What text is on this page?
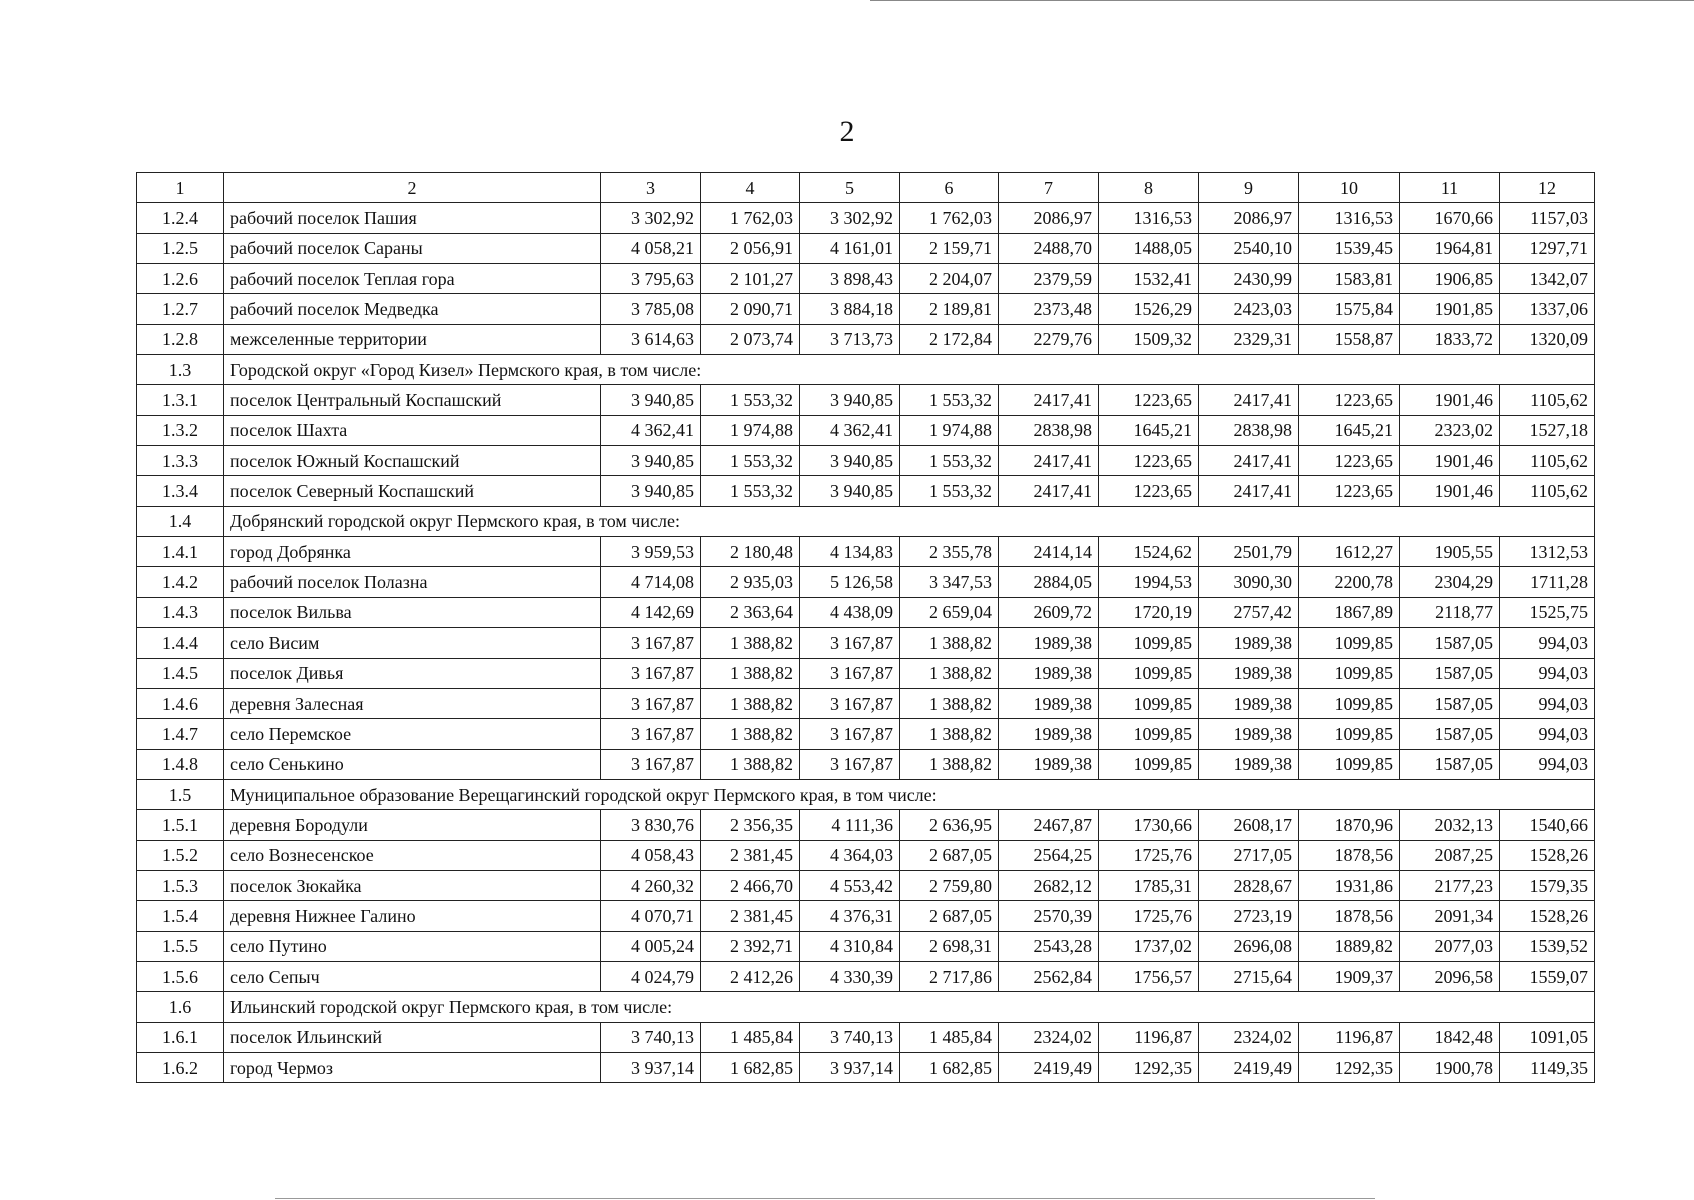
2
1	2	3	4	5	6	7	8	9	10	11	12
1.2.4	рабочий поселок Пашия	3 302,92	1 762,03	3 302,92	1 762,03	2086,97	1316,53	2086,97	1316,53	1670,66	1157,03
1.2.5	рабочий поселок Сараны	4 058,21	2 056,91	4 161,01	2 159,71	2488,70	1488,05	2540,10	1539,45	1964,81	1297,71
1.2.6	рабочий поселок Теплая гора	3 795,63	2 101,27	3 898,43	2 204,07	2379,59	1532,41	2430,99	1583,81	1906,85	1342,07
1.2.7	рабочий поселок Медведка	3 785,08	2 090,71	3 884,18	2 189,81	2373,48	1526,29	2423,03	1575,84	1901,85	1337,06
1.2.8	межселенные территории	3 614,63	2 073,74	3 713,73	2 172,84	2279,76	1509,32	2329,31	1558,87	1833,72	1320,09
1.3	Городской округ «Город Кизел» Пермского края, в том числе:										
1.3.1	поселок Центральный Коспашский	3 940,85	1 553,32	3 940,85	1 553,32	2417,41	1223,65	2417,41	1223,65	1901,46	1105,62
1.3.2	поселок Шахта	4 362,41	1 974,88	4 362,41	1 974,88	2838,98	1645,21	2838,98	1645,21	2323,02	1527,18
1.3.3	поселок Южный Коспашский	3 940,85	1 553,32	3 940,85	1 553,32	2417,41	1223,65	2417,41	1223,65	1901,46	1105,62
1.3.4	поселок Северный Коспашский	3 940,85	1 553,32	3 940,85	1 553,32	2417,41	1223,65	2417,41	1223,65	1901,46	1105,62
1.4	Добрянский городской округ Пермского края, в том числе:										
1.4.1	город Добрянка	3 959,53	2 180,48	4 134,83	2 355,78	2414,14	1524,62	2501,79	1612,27	1905,55	1312,53
1.4.2	рабочий поселок Полазна	4 714,08	2 935,03	5 126,58	3 347,53	2884,05	1994,53	3090,30	2200,78	2304,29	1711,28
1.4.3	поселок Вильва	4 142,69	2 363,64	4 438,09	2 659,04	2609,72	1720,19	2757,42	1867,89	2118,77	1525,75
1.4.4	село Висим	3 167,87	1 388,82	3 167,87	1 388,82	1989,38	1099,85	1989,38	1099,85	1587,05	994,03
1.4.5	поселок Дивья	3 167,87	1 388,82	3 167,87	1 388,82	1989,38	1099,85	1989,38	1099,85	1587,05	994,03
1.4.6	деревня Залесная	3 167,87	1 388,82	3 167,87	1 388,82	1989,38	1099,85	1989,38	1099,85	1587,05	994,03
1.4.7	село Перемское	3 167,87	1 388,82	3 167,87	1 388,82	1989,38	1099,85	1989,38	1099,85	1587,05	994,03
1.4.8	село Сенькино	3 167,87	1 388,82	3 167,87	1 388,82	1989,38	1099,85	1989,38	1099,85	1587,05	994,03
1.5	Муниципальное образование Верещагинский городской округ Пермского края, в том числе:										
1.5.1	деревня Бородули	3 830,76	2 356,35	4 111,36	2 636,95	2467,87	1730,66	2608,17	1870,96	2032,13	1540,66
1.5.2	село Вознесенское	4 058,43	2 381,45	4 364,03	2 687,05	2564,25	1725,76	2717,05	1878,56	2087,25	1528,26
1.5.3	поселок Зюкайка	4 260,32	2 466,70	4 553,42	2 759,80	2682,12	1785,31	2828,67	1931,86	2177,23	1579,35
1.5.4	деревня Нижнее Галино	4 070,71	2 381,45	4 376,31	2 687,05	2570,39	1725,76	2723,19	1878,56	2091,34	1528,26
1.5.5	село Путино	4 005,24	2 392,71	4 310,84	2 698,31	2543,28	1737,02	2696,08	1889,82	2077,03	1539,52
1.5.6	село Сепыч	4 024,79	2 412,26	4 330,39	2 717,86	2562,84	1756,57	2715,64	1909,37	2096,58	1559,07
1.6	Ильинский городской округ Пермского края, в том числе:										
1.6.1	поселок Ильинский	3 740,13	1 485,84	3 740,13	1 485,84	2324,02	1196,87	2324,02	1196,87	1842,48	1091,05
1.6.2	город Чермоз	3 937,14	1 682,85	3 937,14	1 682,85	2419,49	1292,35	2419,49	1292,35	1900,78	1149,35
